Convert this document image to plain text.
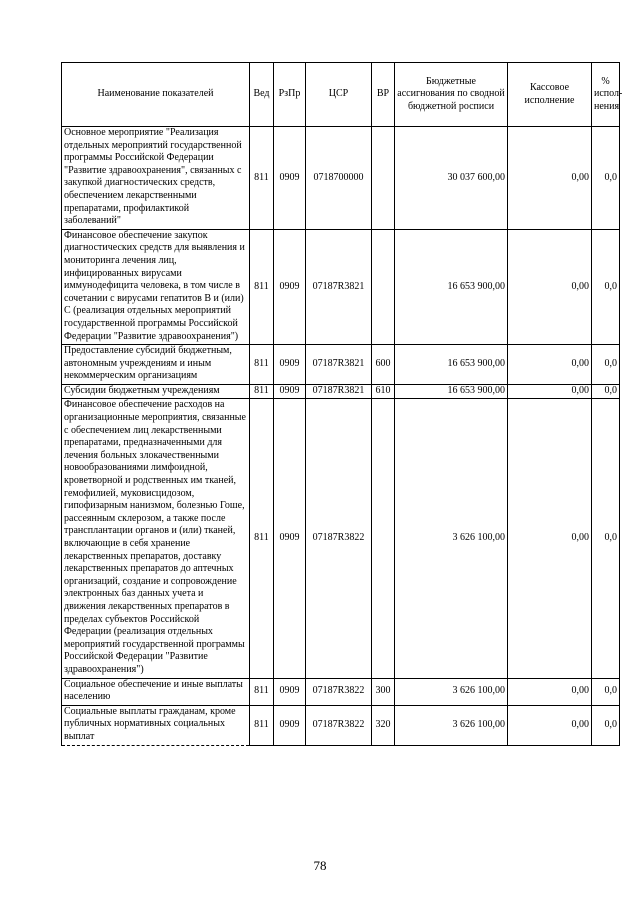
Наименование показателей	Вед	РзПр	ЦСР	ВР	Бюджетные ассигнования по сводной бюджетной росписи	Кассовое исполнение	% испол-нения
Основное мероприятие "Реализация отдельных мероприятий государственной программы Российской Федерации "Развитие здравоохранения", связанных с закупкой диагностических средств, обеспечением лекарственными препаратами, профилактикой заболеваний"	811	0909	0718700000		30 037 600,00	0,00	0,0
Финансовое обеспечение закупок диагностических средств для выявления и мониторинга лечения лиц, инфицированных вирусами иммунодефицита человека, в том числе в сочетании с вирусами гепатитов B и (или) C (реализация отдельных мероприятий государственной программы Российской Федерации "Развитие здравоохранения")	811	0909	07187R3821		16 653 900,00	0,00	0,0
Предоставление субсидий бюджетным, автономным учреждениям и иным некоммерческим организациям	811	0909	07187R3821	600	16 653 900,00	0,00	0,0
Субсидии бюджетным учреждениям	811	0909	07187R3821	610	16 653 900,00	0,00	0,0
Финансовое обеспечение расходов на организационные мероприятия, связанные с обеспечением лиц лекарственными препаратами, предназначенными для лечения больных злокачественными новообразованиями лимфоидной, кроветворной и родственных им тканей, гемофилией, муковисцидозом, гипофизарным нанизмом, болезнью Гоше, рассеянным склерозом, а также после трансплантации органов и (или) тканей, включающие в себя хранение лекарственных препаратов, доставку лекарственных препаратов до аптечных организаций, создание и сопровождение электронных баз данных учета и движения лекарственных препаратов в пределах субъектов Российской Федерации (реализация отдельных мероприятий государственной программы Российской Федерации "Развитие здравоохранения")	811	0909	07187R3822		3 626 100,00	0,00	0,0
Социальное обеспечение и иные выплаты населению	811	0909	07187R3822	300	3 626 100,00	0,00	0,0
Социальные выплаты гражданам, кроме публичных нормативных социальных выплат	811	0909	07187R3822	320	3 626 100,00	0,00	0,0
78
